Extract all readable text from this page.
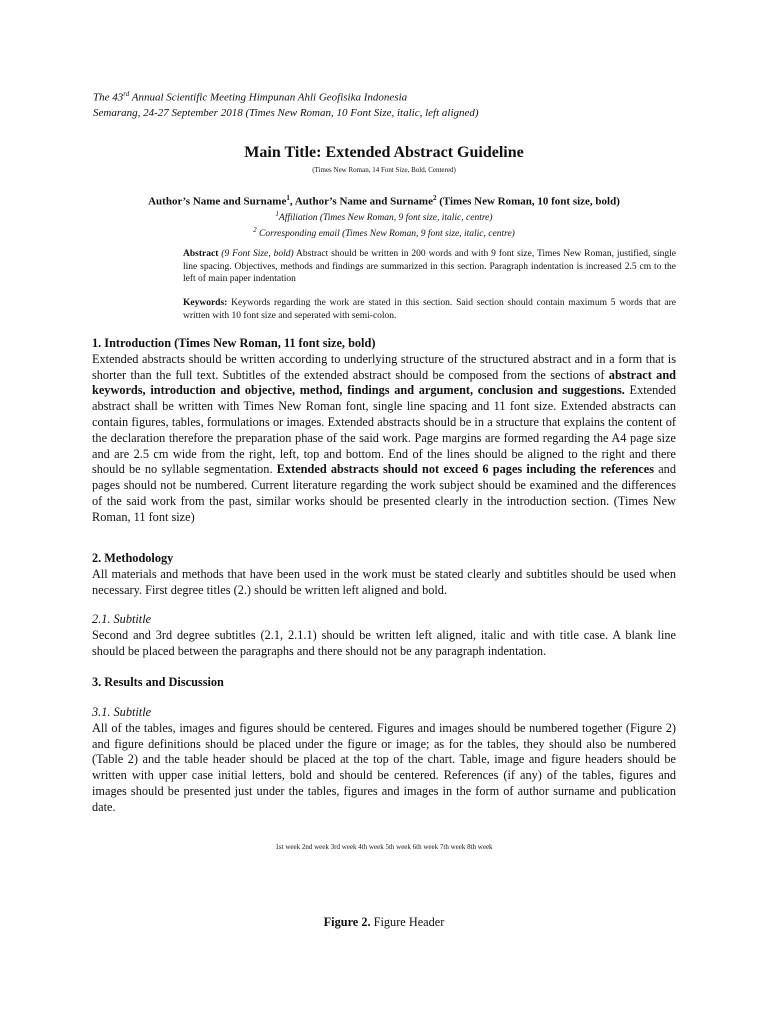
The 43rd Annual Scientific Meeting Himpunan Ahli Geofisika Indonesia
Semarang, 24-27 September 2018 (Times New Roman, 10 Font Size, italic, left aligned)
Main Title: Extended Abstract Guideline
(Times New Roman, 14 Font Size, Bold, Centered)
Author’s Name and Surname$^1$, Author’s Name and Surname$^2$ (Times New Roman, 10 font size, bold)
$^1$Affiliation (Times New Roman, 9 font size, italic, centre)
$^2$ Corresponding email (Times New Roman, 9 font size, italic, centre)
Abstract (9 Font Size, bold) Abstract should be written in 200 words and with 9 font size, Times New Roman, justified, single line spacing. Objectives, methods and findings are summarized in this section. Paragraph indentation is increased 2.5 cm to the left of main paper indentation
Keywords: Keywords regarding the work are stated in this section. Said section should contain maximum 5 words that are written with 10 font size and seperated with semi-colon.
1. Introduction (Times New Roman, 11 font size, bold)
Extended abstracts should be written according to underlying structure of the structured abstract and in a form that is shorter than the full text. Subtitles of the extended abstract should be composed from the sections of abstract and keywords, introduction and objective, method, findings and argument, conclusion and suggestions. Extended abstract shall be written with Times New Roman font, single line spacing and 11 font size. Extended abstracts can contain figures, tables, formulations or images. Extended abstracts should be in a structure that explains the content of the declaration therefore the preparation phase of the said work. Page margins are formed regarding the A4 page size and are 2.5 cm wide from the right, left, top and bottom. End of the lines should be aligned to the right and there should be no syllable segmentation. Extended abstracts should not exceed 6 pages including the references and pages should not be numbered. Current literature regarding the work subject should be examined and the differences of the said work from the past, similar works should be presented clearly in the introduction section. (Times New Roman, 11 font size)
2. Methodology
All materials and methods that have been used in the work must be stated clearly and subtitles should be used when necessary. First degree titles (2.) should be written left aligned and bold.
2.1. Subtitle
Second and 3rd degree subtitles (2.1, 2.1.1) should be written left aligned, italic and with title case. A blank line should be placed between the paragraphs and there should not be any paragraph indentation.
3. Results and Discussion
3.1. Subtitle
All of the tables, images and figures should be centered. Figures and images should be numbered together (Figure 2) and figure definitions should be placed under the figure or image; as for the tables, they should also be numbered (Table 2) and the table header should be placed at the top of the chart. Table, image and figure headers should be written with upper case initial letters, bold and should be centered. References (if any) of the tables, figures and images should be presented just under the tables, figures and images in the form of author surname and publication date.
1st week 2nd week 3rd week 4th week 5th week 6th week 7th week 8th week
Figure 2. Figure Header
